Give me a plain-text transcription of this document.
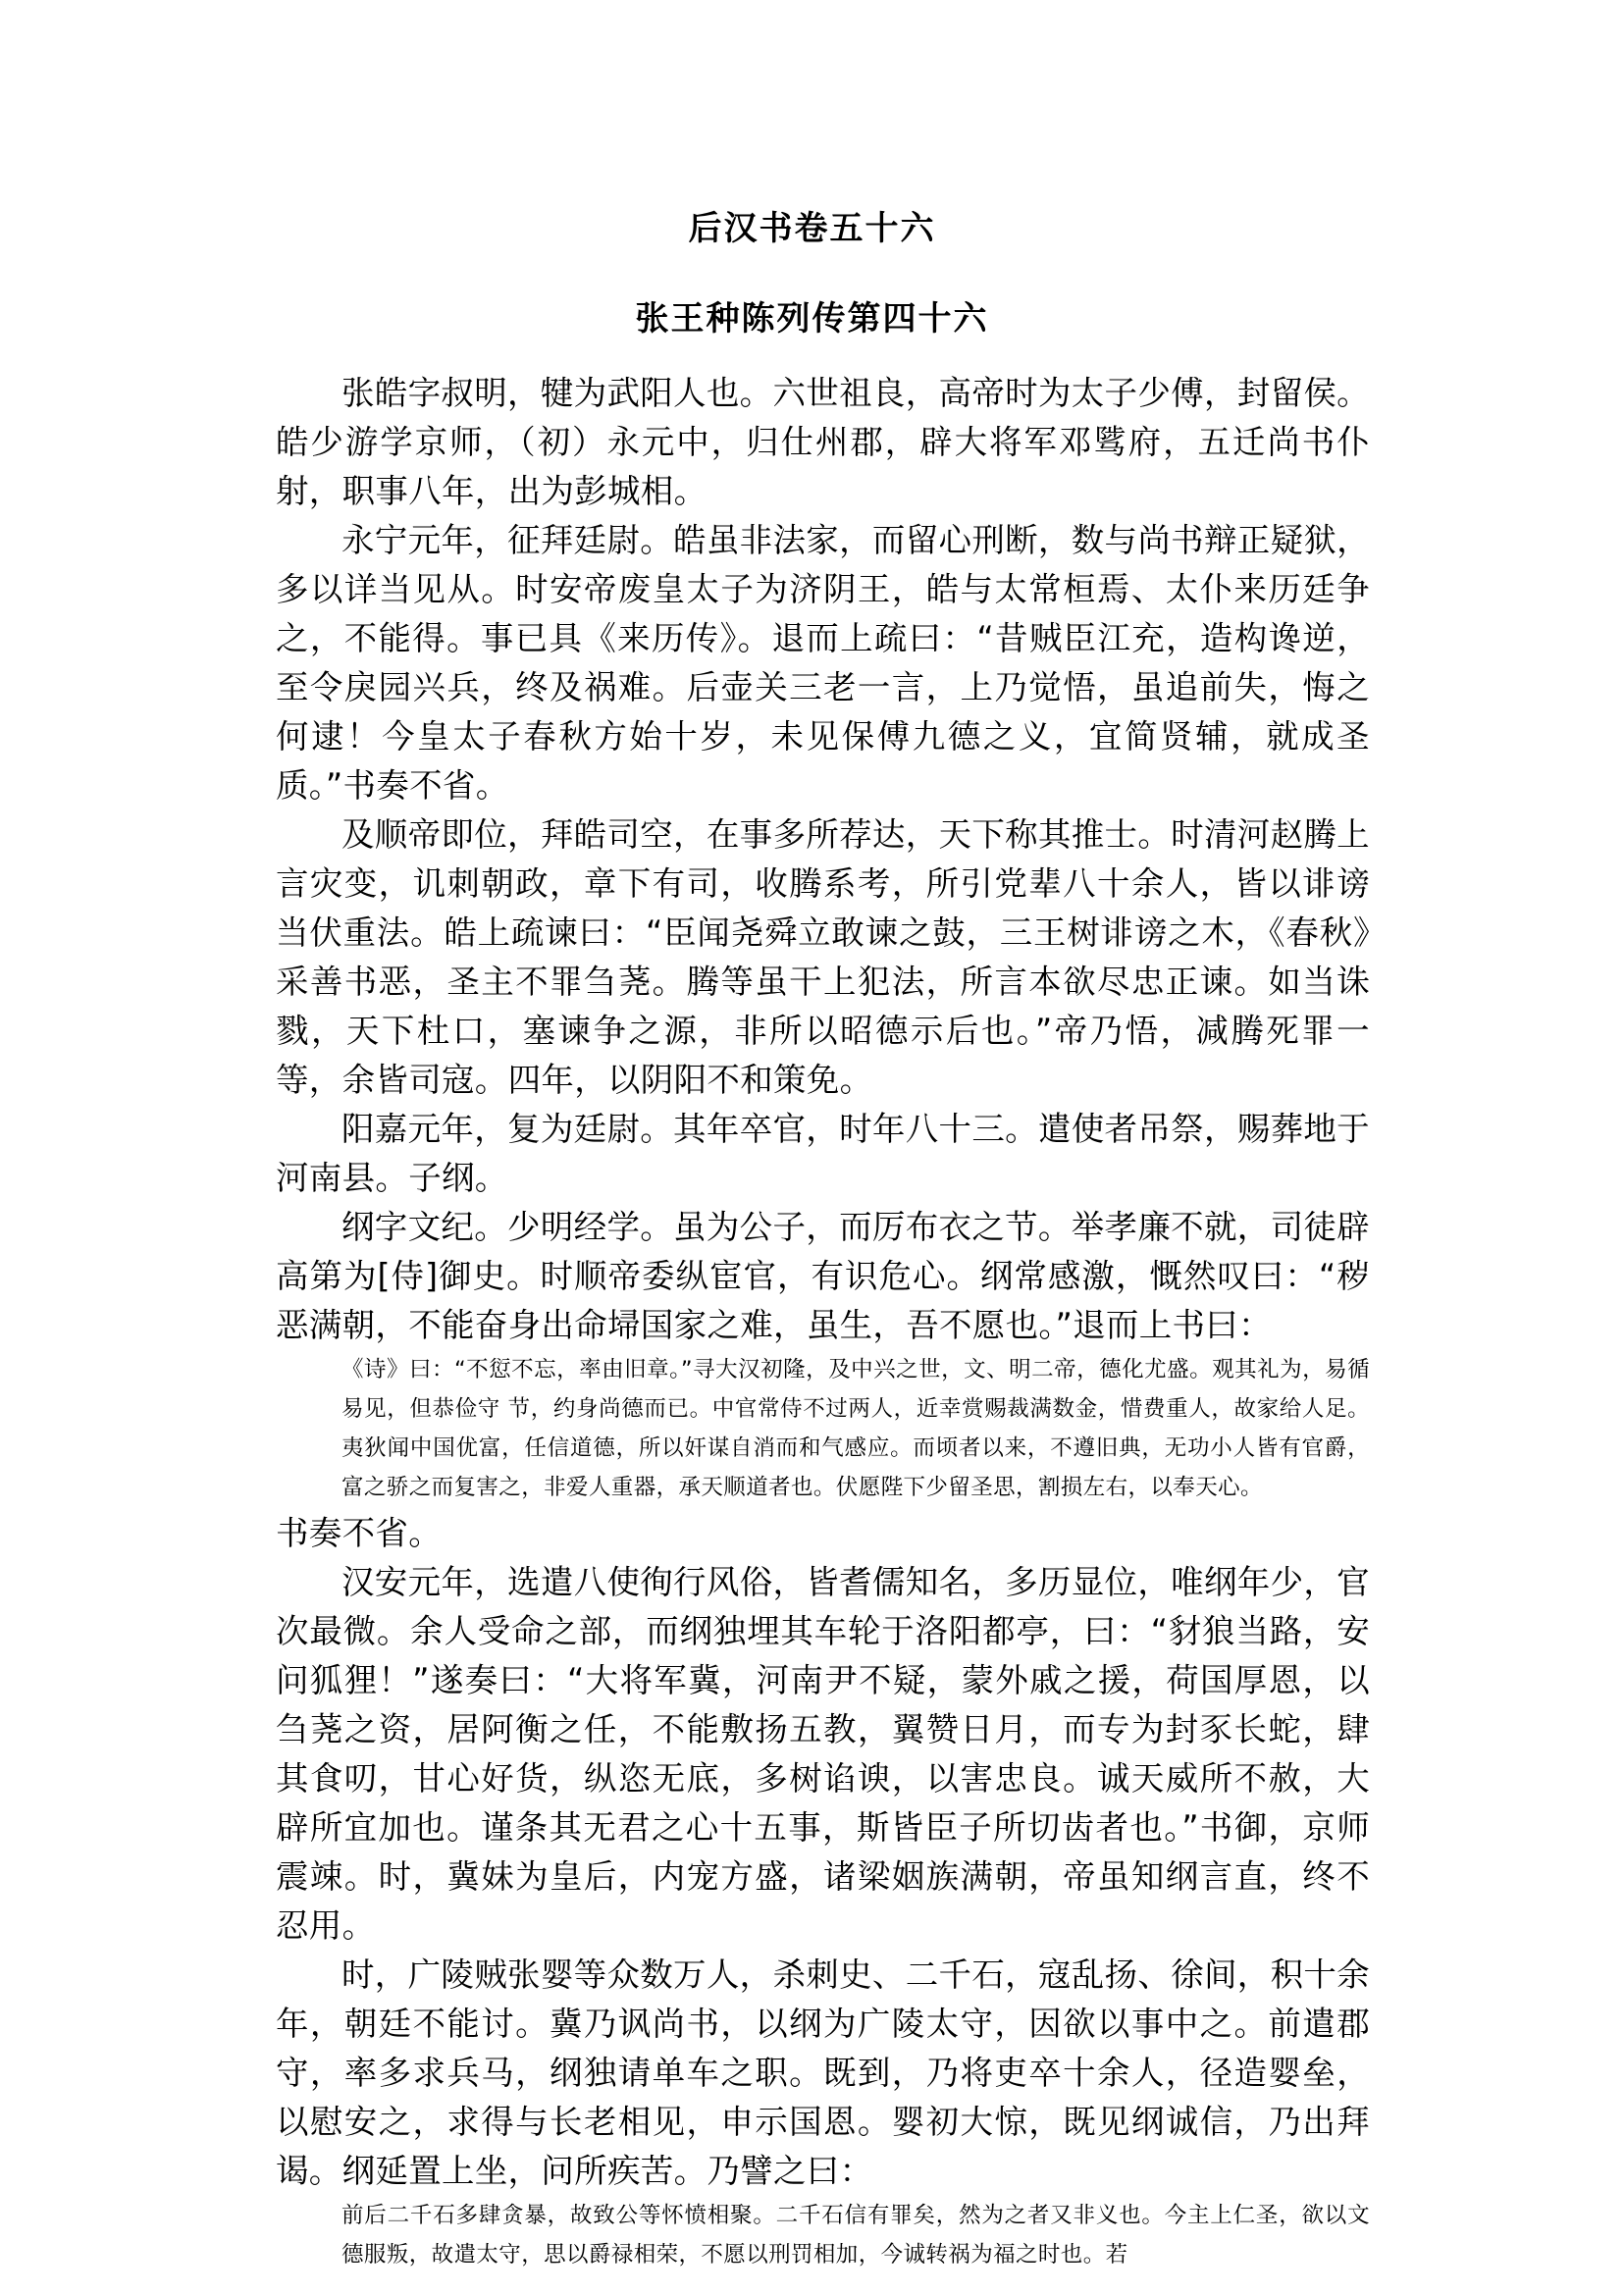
后汉书卷五十六
张王种陈列传第四十六

张皓字叔明，犍为武阳人也。六世祖良，高帝时为太子少傅，封留侯。皓少游学京师，（初）永元中，归仕州郡，辟大将军邓骘府，五迁尚书仆射，职事八年，出为彭城相。

永宁元年，征拜廷尉。皓虽非法家，而留心刑断，数与尚书辩正疑狱，多以详当见从。时安帝废皇太子为济阴王，皓与太常桓焉、太仆来历廷争之，不能得。事已具《来历传》。退而上疏曰：“昔贼臣江充，造构谗逆，至令戾园兴兵，终及祸难。后壶关三老一言，上乃觉悟，虽追前失，悔之何逮！今皇太子春秋方始十岁，未见保傅九德之义，宜简贤辅，就成圣质。”书奏不省。

及顺帝即位，拜皓司空，在事多所荐达，天下称其推士。时清河赵腾上言灾变，讥刺朝政，章下有司，收腾系考，所引党辈八十余人，皆以诽谤当伏重法。皓上疏谏曰：“臣闻尧舜立敢谏之鼓，三王树诽谤之木，《春秋》采善书恶，圣主不罪刍荛。腾等虽干上犯法，所言本欲尽忠正谏。如当诛戮，天下杜口，塞谏争之源，非所以昭德示后也。”帝乃悟，减腾死罪一等，余皆司寇。四年，以阴阳不和策免。

阳嘉元年，复为廷尉。其年卒官，时年八十三。遣使者吊祭，赐葬地于河南县。子纲。

纲字文纪。少明经学。虽为公子，而厉布衣之节。举孝廉不就，司徒辟高第为[侍]御史。时顺帝委纵宦官，有识危心。纲常感激，慨然叹曰：“秽恶满朝，不能奋身出命埽国家之难，虽生，吾不愿也。”退而上书曰：

《诗》曰：“不愆不忘，率由旧章。”寻大汉初隆，及中兴之世，文、明二帝，德化尤盛。观其礼为，易循易见，但恭俭守 节，约身尚德而已。中官常侍不过两人，近幸赏赐裁满数金，惜费重人，故家给人足。夷狄闻中国优富，任信道德，所以奸谋自消而和气感应。而顷者以来，不遵旧典，无功小人皆有官爵，富之骄之而复害之，非爱人重器，承天顺道者也。伏愿陛下少留圣思，割损左右，以奉天心。

书奏不省。

汉安元年，选遣八使徇行风俗，皆耆儒知名，多历显位，唯纲年少，官次最微。余人受命之部，而纲独埋其车轮于洛阳都亭，曰：“豺狼当路，安问狐狸！”遂奏曰：“大将军冀，河南尹不疑，蒙外戚之援，荷国厚恩，以刍荛之资，居阿衡之任，不能敷扬五教，翼赞日月，而专为封豕长蛇，肆其食叨，甘心好货，纵恣无底，多树谄谀，以害忠良。诚天威所不赦，大辟所宜加也。谨条其无君之心十五事，斯皆臣子所切齿者也。”书御，京师震竦。时，冀妹为皇后，内宠方盛，诸梁姻族满朝，帝虽知纲言直，终不忍用。

时，广陵贼张婴等众数万人，杀刺史、二千石，寇乱扬、徐间，积十余年，朝廷不能讨。冀乃讽尚书，以纲为广陵太守，因欲以事中之。前遣郡守，率多求兵马，纲独请单车之职。既到，乃将吏卒十余人，径造婴垒，以慰安之，求得与长老相见，申示国恩。婴初大惊，既见纲诚信，乃出拜谒。纲延置上坐，问所疾苦。乃譬之曰：

前后二千石多肆贪暴，故致公等怀愤相聚。二千石信有罪矣，然为之者又非义也。今主上仁圣，欲以文德服叛，故遣太守，思以爵禄相荣，不愿以刑罚相加，今诚转祸为福之时也。若
